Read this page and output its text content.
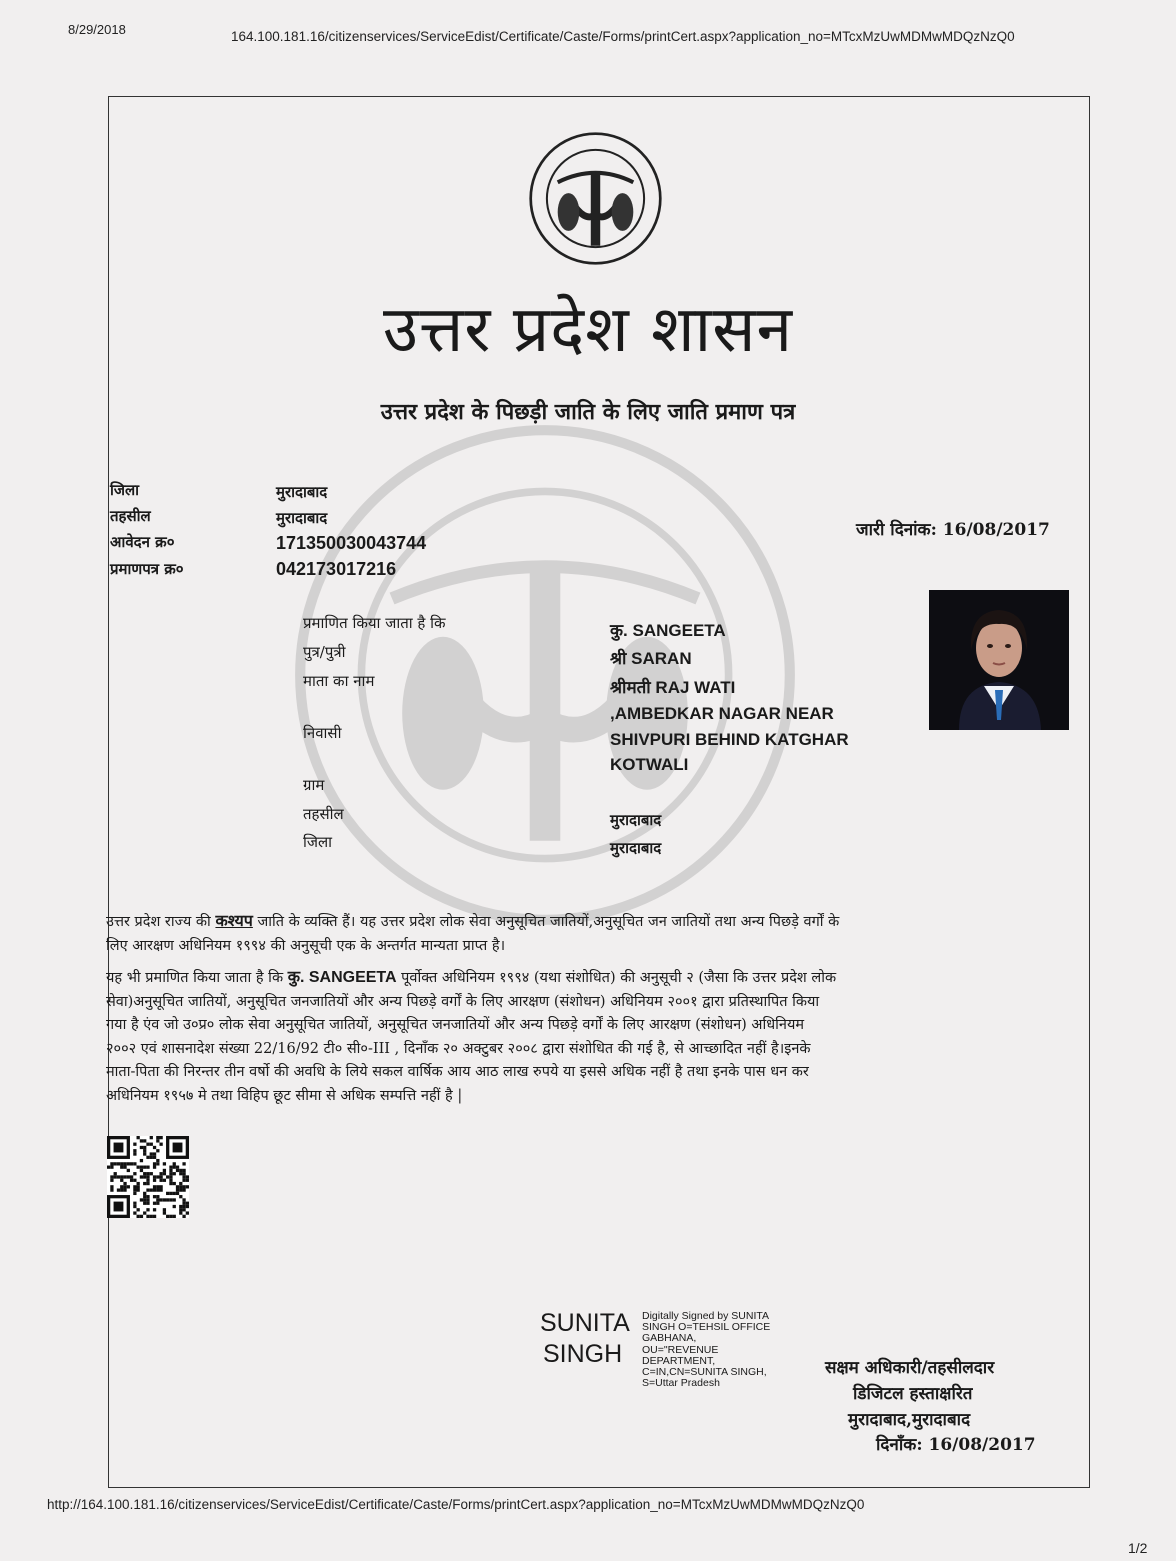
8/29/2018	164.100.181.16/citizenservices/ServiceEdist/Certificate/Caste/Forms/printCert.aspx?application_no=MTcxMzUwMDMwMDQzNzQ0
http://164.100.181.16/citizenservices/ServiceEdist/Certificate/Caste/Forms/printCert.aspx?application_no=MTcxMzUwMDMwMDQzNzQ0
1/2
उत्तर प्रदेश शासन
उत्तर प्रदेश के पिछड़ी जाति के लिए जाति प्रमाण पत्र
जिला	मुरादाबाद
तहसील	मुरादाबाद
आवेदन क्र०	171350030043744
प्रमाणपत्र क्र०	042173017216
जारी दिनांक: 16/08/2017
प्रमाणित किया जाता है कि	कु. SANGEETA
पुत्र/पुत्री	श्री SARAN
माता का नाम	श्रीमती RAJ WATI
निवासी
,AMBEDKAR NAGAR NEAR
SHIVPURI BEHIND KATGHAR
KOTWALI
ग्राम
तहसील	मुरादाबाद
जिला	मुरादाबाद
उत्तर प्रदेश राज्य की कश्यप जाति के व्यक्ति हैं। यह उत्तर प्रदेश लोक सेवा अनुसूचित जातियों,अनुसूचित जन जातियों तथा अन्य पिछड़े वर्गों के
लिए आरक्षण अधिनियम १९९४ की अनुसूची एक के अन्तर्गत मान्यता प्राप्त है।
यह भी प्रमाणित किया जाता है कि कु. SANGEETA पूर्वोक्त अधिनियम १९९४ (यथा संशोधित) की अनुसूची २ (जैसा कि उत्तर प्रदेश लोक
सेवा)अनुसूचित जातियों, अनुसूचित जनजातियों और अन्य पिछड़े वर्गों के लिए आरक्षण (संशोधन) अधिनियम २००१ द्वारा प्रतिस्थापित किया
गया है एंव जो उ०प्र० लोक सेवा अनुसूचित जातियों, अनुसूचित जनजातियों और अन्य पिछड़े वर्गों के लिए आरक्षण (संशोधन) अधिनियम
२००२ एवं शासनादेश संख्या 22/16/92 टी० सी०-III , दिनाँक २० अक्टुबर २००८ द्वारा संशोधित की गई है, से आच्छादित नहीं है।इनके
माता-पिता की निरन्तर तीन वर्षो की अवधि के लिये सकल वार्षिक आय आठ लाख रुपये या इससे अधिक नहीं है तथा इनके पास धन कर
अधिनियम १९५७ मे तथा विहिप छूट सीमा से अधिक सम्पत्ति नहीं है |
SUNITA
SINGH
Digitally Signed by SUNITA
SINGH O=TEHSIL OFFICE
GABHANA,
OU="REVENUE
DEPARTMENT,
C=IN,CN=SUNITA SINGH,
S=Uttar Pradesh
सक्षम अधिकारी/तहसीलदार
डिजिटल हस्ताक्षरित
मुरादाबाद,मुरादाबाद
दिनाँक: 16/08/2017
